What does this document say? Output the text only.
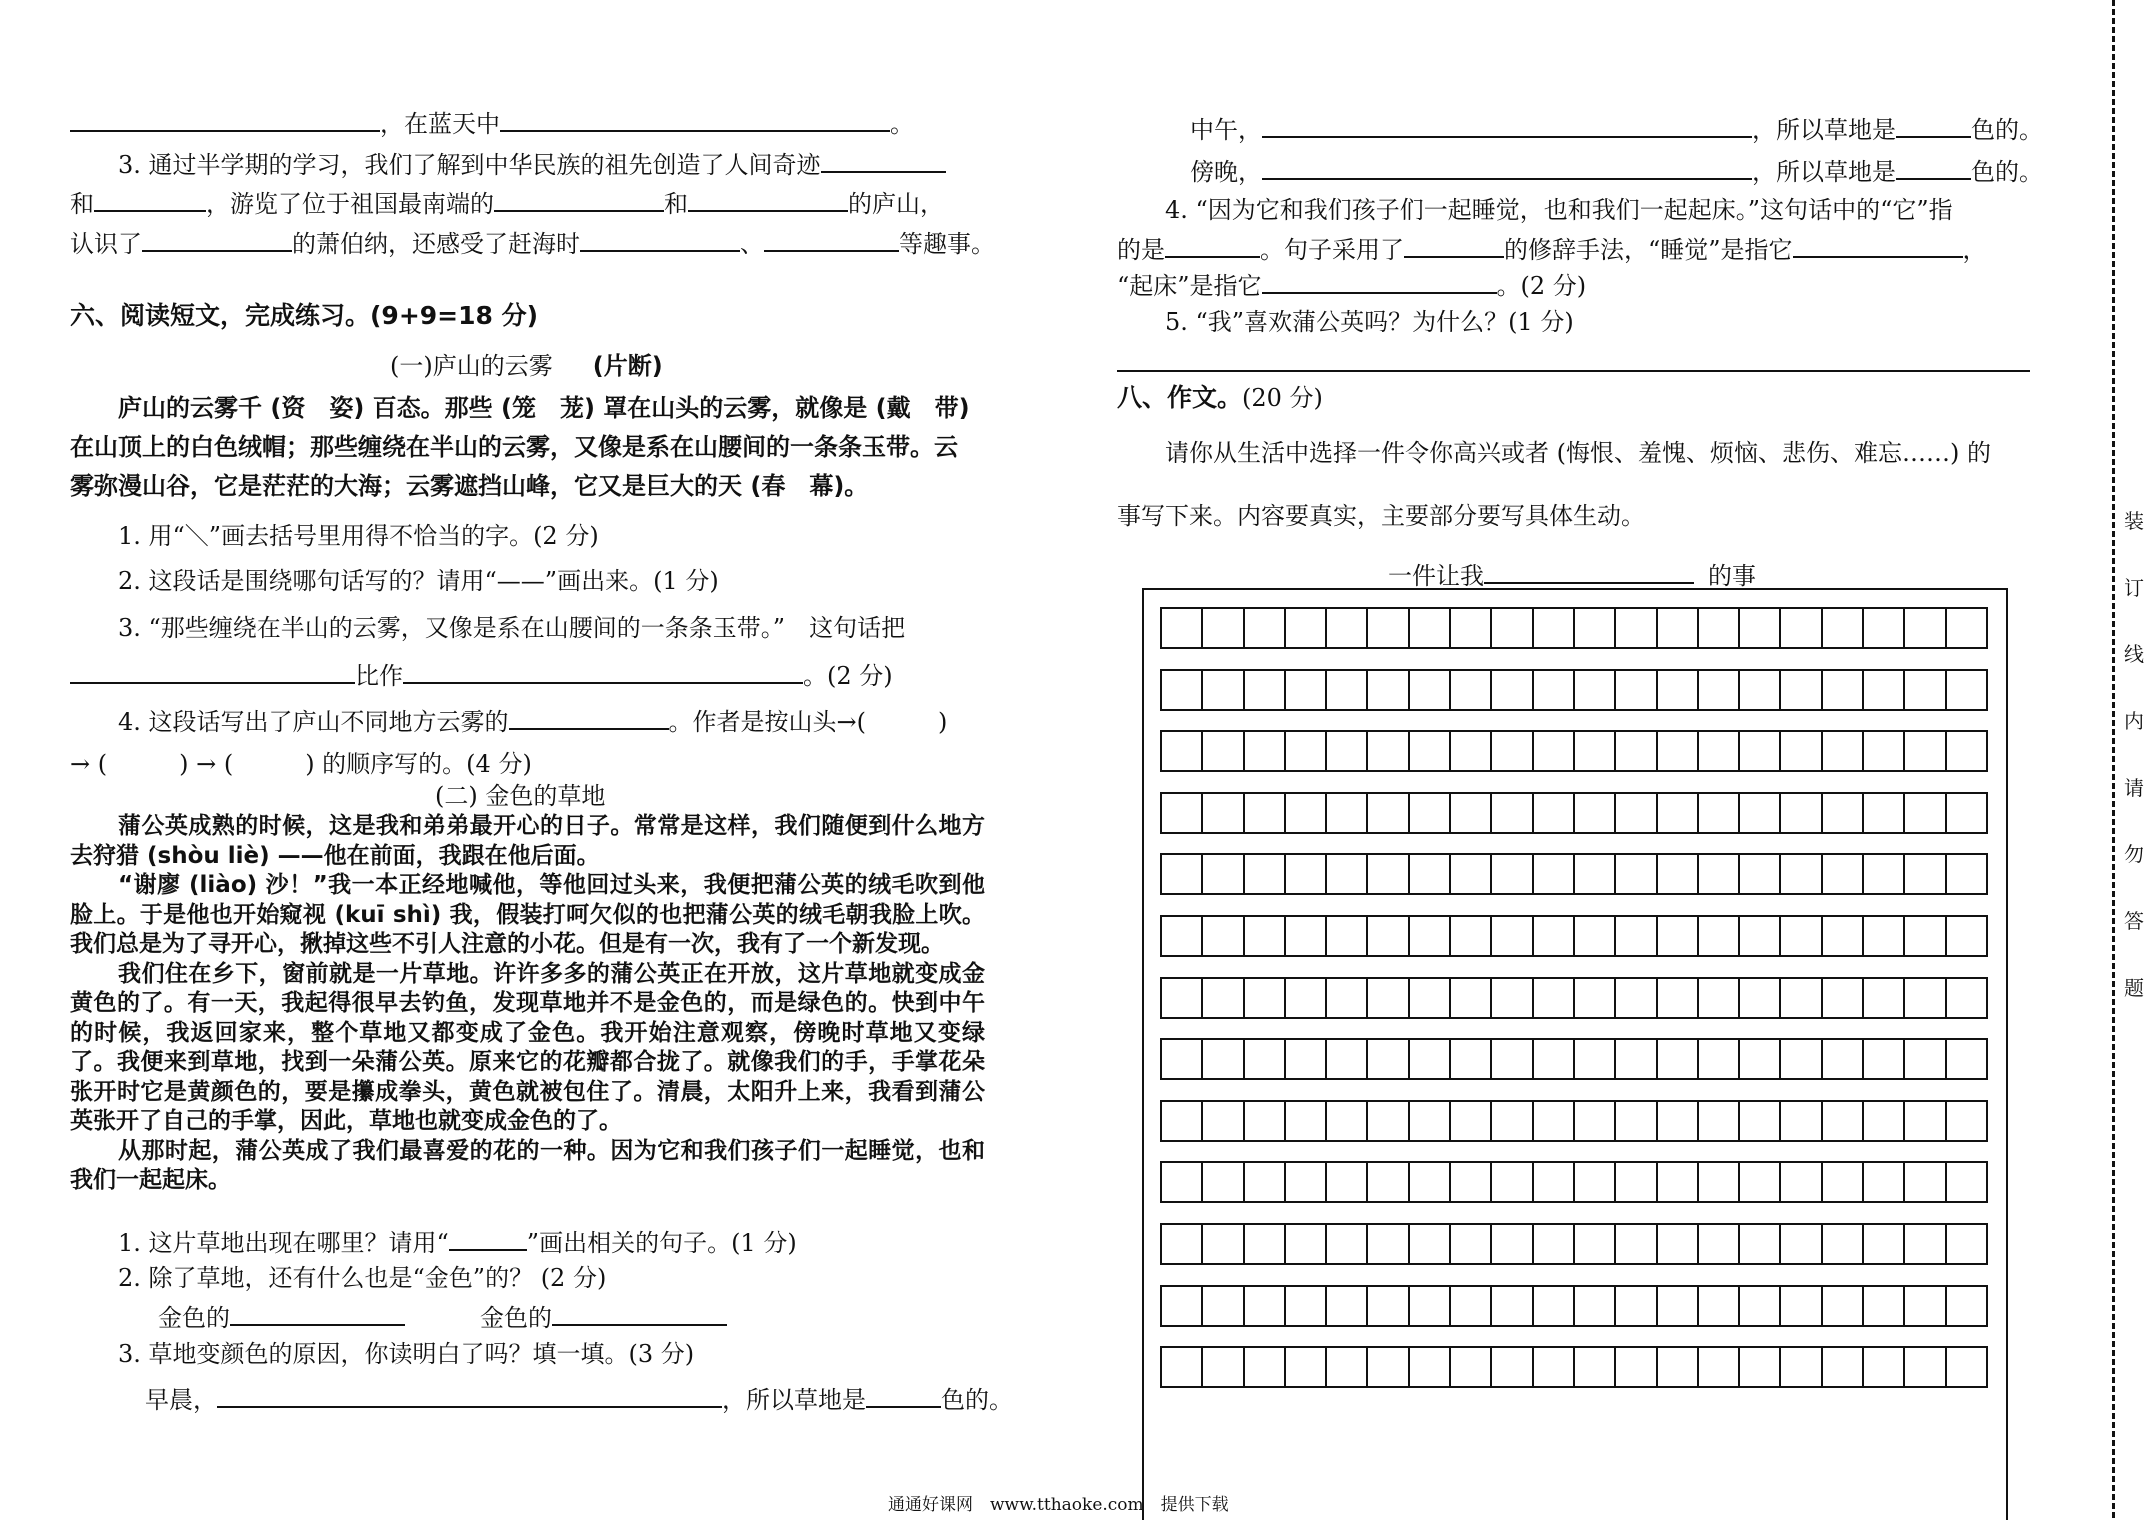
，在蓝天中	。
3. 通过半学期的学习，我们了解到中华民族的祖先创造了人间奇迹
和	，游览了位于祖国最南端的	和	的庐山，
认识了	的萧伯纳，还感受了赶海时	、	等趣事。
六、阅读短文，完成练习。(9+9=18 分)
(一)庐山的云雾 (片断)
庐山的云雾千 (资　姿) 百态。那些 (笼　茏) 罩在山头的云雾，就像是 (戴　带)
在山顶上的白色绒帽；那些缠绕在半山的云雾，又像是系在山腰间的一条条玉带。云
雾弥漫山谷，它是茫茫的大海；云雾遮挡山峰，它又是巨大的天 (春　幕)。
1. 用“＼”画去括号里用得不恰当的字。(2 分)
2. 这段话是围绕哪句话写的？请用“——”画出来。(1 分)
3. “那些缠绕在半山的云雾，又像是系在山腰间的一条条玉带。”　这句话把
比作	。(2 分)
4. 这段话写出了庐山不同地方云雾的	。作者是按山头→(　　　)
→ (　　　) → (　　　) 的顺序写的。(4 分)
(二) 金色的草地

蒲公英成熟的时候，这是我和弟弟最开心的日子。常常是这样，我们随便到什么地方去狩猎 (shòu liè) ——他在前面，我跟在他后面。

“谢廖 (liào) 沙！”我一本正经地喊他，等他回过头来，我便把蒲公英的绒毛吹到他脸上。于是他也开始窥视 (kuī shì) 我，假装打呵欠似的也把蒲公英的绒毛朝我脸上吹。我们总是为了寻开心，揪掉这些不引人注意的小花。但是有一次，我有了一个新发现。

我们住在乡下，窗前就是一片草地。许许多多的蒲公英正在开放，这片草地就变成金黄色的了。有一天，我起得很早去钓鱼，发现草地并不是金色的，而是绿色的。快到中午的时候，我返回家来，整个草地又都变成了金色。我开始注意观察，傍晚时草地又变绿了。我便来到草地，找到一朵蒲公英。原来它的花瓣都合拢了。就像我们的手，手掌花朵张开时它是黄颜色的，要是攥成拳头，黄色就被包住了。清晨，太阳升上来，我看到蒲公英张开了自己的手掌，因此，草地也就变成金色的了。

从那时起，蒲公英成了我们最喜爱的花的一种。因为它和我们孩子们一起睡觉，也和我们一起起床。

1. 这片草地出现在哪里？请用“	”画出相关的句子。(1 分)
2. 除了草地，还有什么也是“金色”的？ (2 分)
金色的	金色的
3. 草地变颜色的原因，你读明白了吗？填一填。(3 分)
早晨，	，所以草地是	色的。
中午，	，所以草地是	色的。
傍晚，	，所以草地是	色的。
4. “因为它和我们孩子们一起睡觉，也和我们一起起床。”这句话中的“它”指
的是	。句子采用了	的修辞手法，“睡觉”是指它	，
“起床”是指它	。(2 分)
5. “我”喜欢蒲公英吗？为什么？(1 分)
八、作文。(20 分)
请你从生活中选择一件令你高兴或者 (悔恨、羞愧、烦恼、悲伤、难忘……) 的
事写下来。内容要真实，主要部分要写具体生动。
一件让我	的事
装
订
线
内
请
勿
答
题
通通好课网　www.tthaoke.com　提供下载
